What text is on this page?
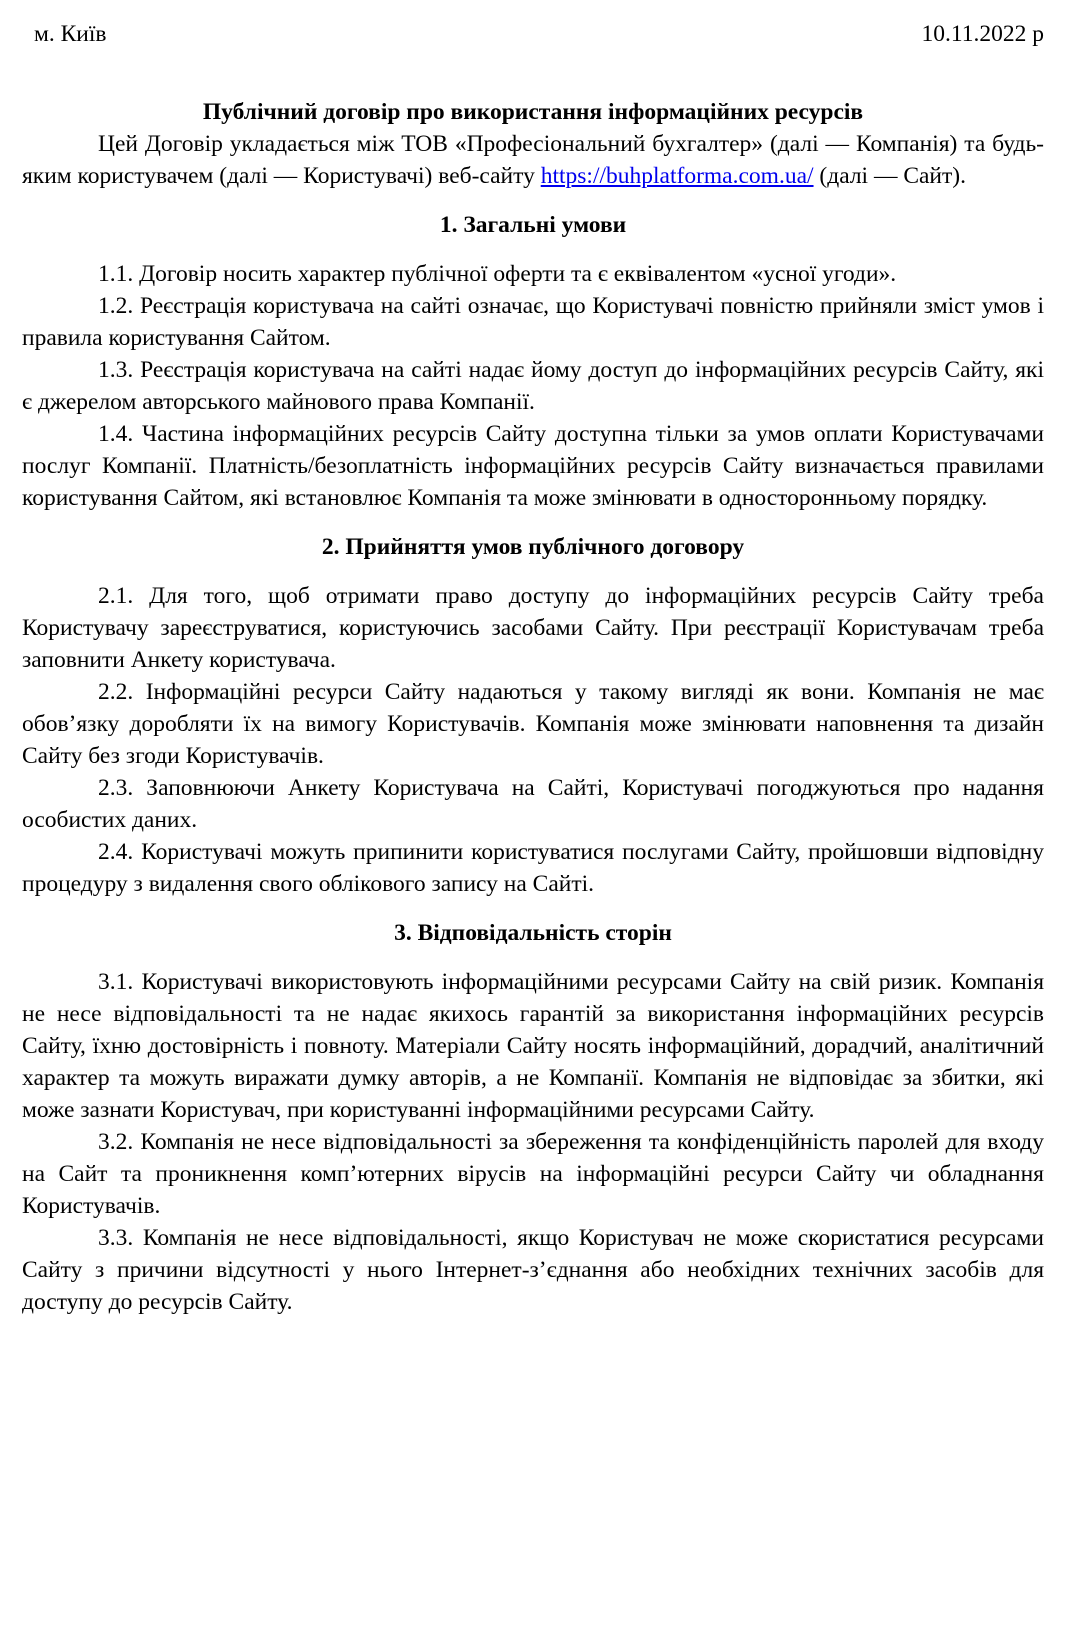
м. Київ	10.11.2022 р
Публічний договір про використання інформаційних ресурсів

Цей Договір укладається між ТОВ «Професіональний бухгалтер» (далі — Компанія) та будь-яким користувачем (далі — Користувачі) веб-сайту https://buhplatforma.com.ua/ (далі — Сайт).

1. Загальні умови

1.1. Договір носить характер публічної оферти та є еквівалентом «усної угоди».

1.2. Реєстрація користувача на сайті означає, що Користувачі повністю прийняли зміст умов і правила користування Сайтом.

1.3. Реєстрація користувача на сайті надає йому доступ до інформаційних ресурсів Сайту, які є джерелом авторського майнового права Компанії.

1.4. Частина інформаційних ресурсів Сайту доступна тільки за умов оплати Користувачами послуг Компанії. Платність/безоплатність інформаційних ресурсів Сайту визначається правилами користування Сайтом, які встановлює Компанія та може змінювати в односторонньому порядку.

2. Прийняття умов публічного договору

2.1. Для того, щоб отримати право доступу до інформаційних ресурсів Сайту треба Користувачу зареєструватися, користуючись засобами Сайту. При реєстрації Користувачам треба заповнити Анкету користувача.

2.2. Інформаційні ресурси Сайту надаються у такому вигляді як вони. Компанія не має обов’язку доробляти їх на вимогу Користувачів. Компанія може змінювати наповнення та дизайн Сайту без згоди Користувачів.

2.3. Заповнюючи Анкету Користувача на Сайті, Користувачі погоджуються про надання особистих даних.

2.4. Користувачі можуть припинити користуватися послугами Сайту, пройшовши відповідну процедуру з видалення свого облікового запису на Сайті.

3. Відповідальність сторін

3.1. Користувачі використовують інформаційними ресурсами Сайту на свій ризик. Компанія не несе відповідальності та не надає якихось гарантій за використання інформаційних ресурсів Сайту, їхню достовірність і повноту. Матеріали Сайту носять інформаційний, дорадчий, аналітичний характер та можуть виражати думку авторів, а не Компанії. Компанія не відповідає за збитки, які може зазнати Користувач, при користуванні інформаційними ресурсами Сайту.

3.2. Компанія не несе відповідальності за збереження та конфіденційність паролей для входу на Сайт та проникнення комп’ютерних вірусів на інформаційні ресурси Сайту чи обладнання Користувачів.

3.3. Компанія не несе відповідальності, якщо Користувач не може скористатися ресурсами Сайту з причини відсутності у нього Інтернет-з’єднання або необхідних технічних засобів для доступу до ресурсів Сайту.
